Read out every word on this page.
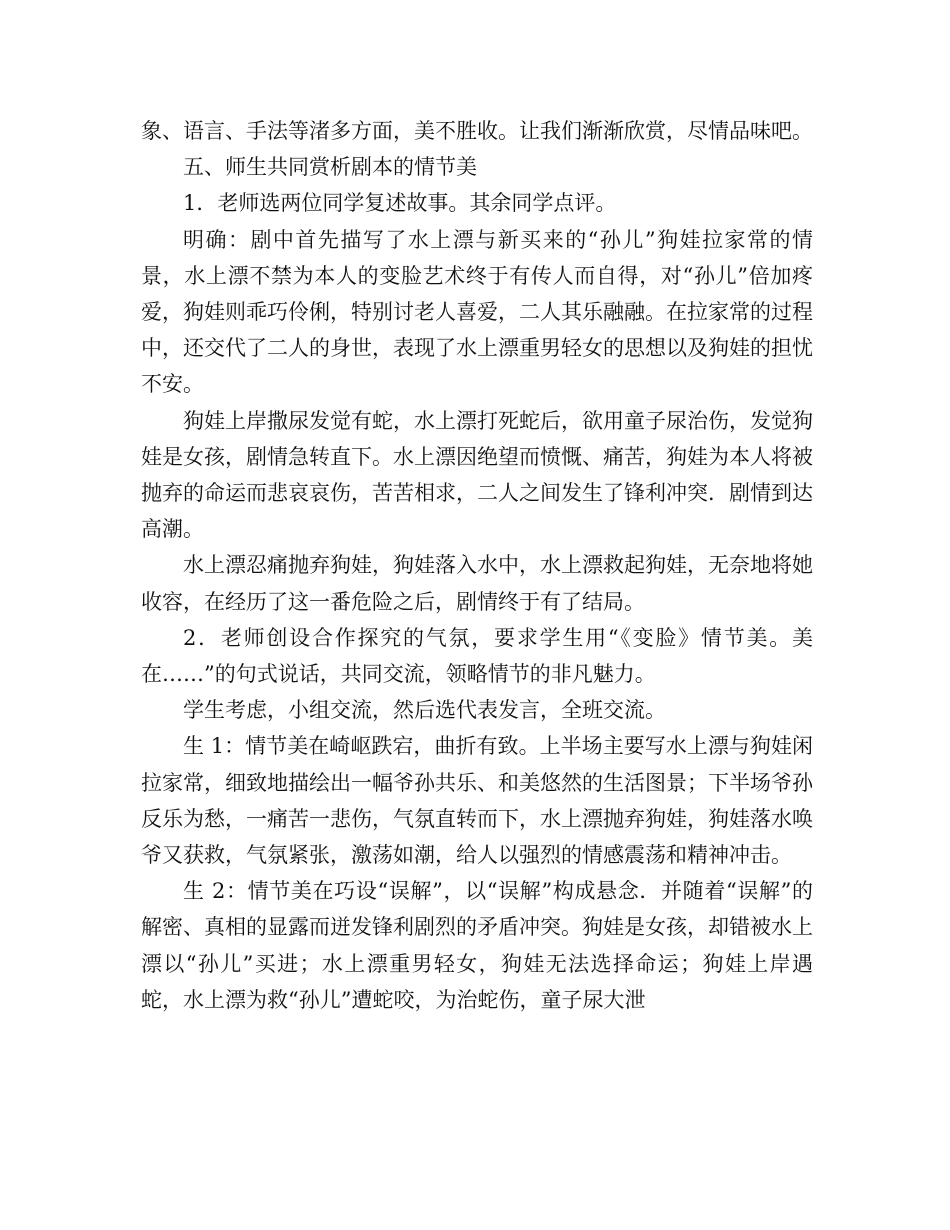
象、语言、手法等渚多方面，美不胜收。让我们渐渐欣赏，尽情品味吧。

五、师生共同赏析剧本的情节美

1．老师选两位同学复述故事。其余同学点评。

明确：剧中首先描写了水上漂与新买来的“孙儿”狗娃拉家常的情景，水上漂不禁为本人的变脸艺术终于有传人而自得，对“孙儿”倍加疼爱，狗娃则乖巧伶俐，特别讨老人喜爱，二人其乐融融。在拉家常的过程中，还交代了二人的身世，表现了水上漂重男轻女的思想以及狗娃的担忧不安。

狗娃上岸撒尿发觉有蛇，水上漂打死蛇后，欲用童子尿治伤，发觉狗娃是女孩，剧情急转直下。水上漂因绝望而愤慨、痛苦，狗娃为本人将被抛弃的命运而悲哀哀伤，苦苦相求，二人之间发生了锋利冲突．剧情到达高潮。

水上漂忍痛抛弃狗娃，狗娃落入水中，水上漂救起狗娃，无奈地将她收容，在经历了这一番危险之后，剧情终于有了结局。

2．老师创设合作探究的气氛，要求学生用“《变脸》情节美。美在……”的句式说话，共同交流，领略情节的非凡魅力。

学生考虑，小组交流，然后选代表发言，全班交流。

生 1：情节美在崎岖跌宕，曲折有致。上半场主要写水上漂与狗娃闲拉家常，细致地描绘出一幅爷孙共乐、和美悠然的生活图景；下半场爷孙反乐为愁，一痛苦一悲伤，气氛直转而下，水上漂抛弃狗娃，狗娃落水唤爷又获救，气氛紧张，激荡如潮，给人以强烈的情感震荡和精神冲击。

生 2：情节美在巧设“误解”，以“误解”构成悬念．并随着“误解”的解密、真相的显露而迸发锋利剧烈的矛盾冲突。狗娃是女孩，却错被水上漂以“孙儿”买进；水上漂重男轻女，狗娃无法选择命运；狗娃上岸遇蛇，水上漂为救“孙儿”遭蛇咬，为治蛇伤，童子尿大泄
